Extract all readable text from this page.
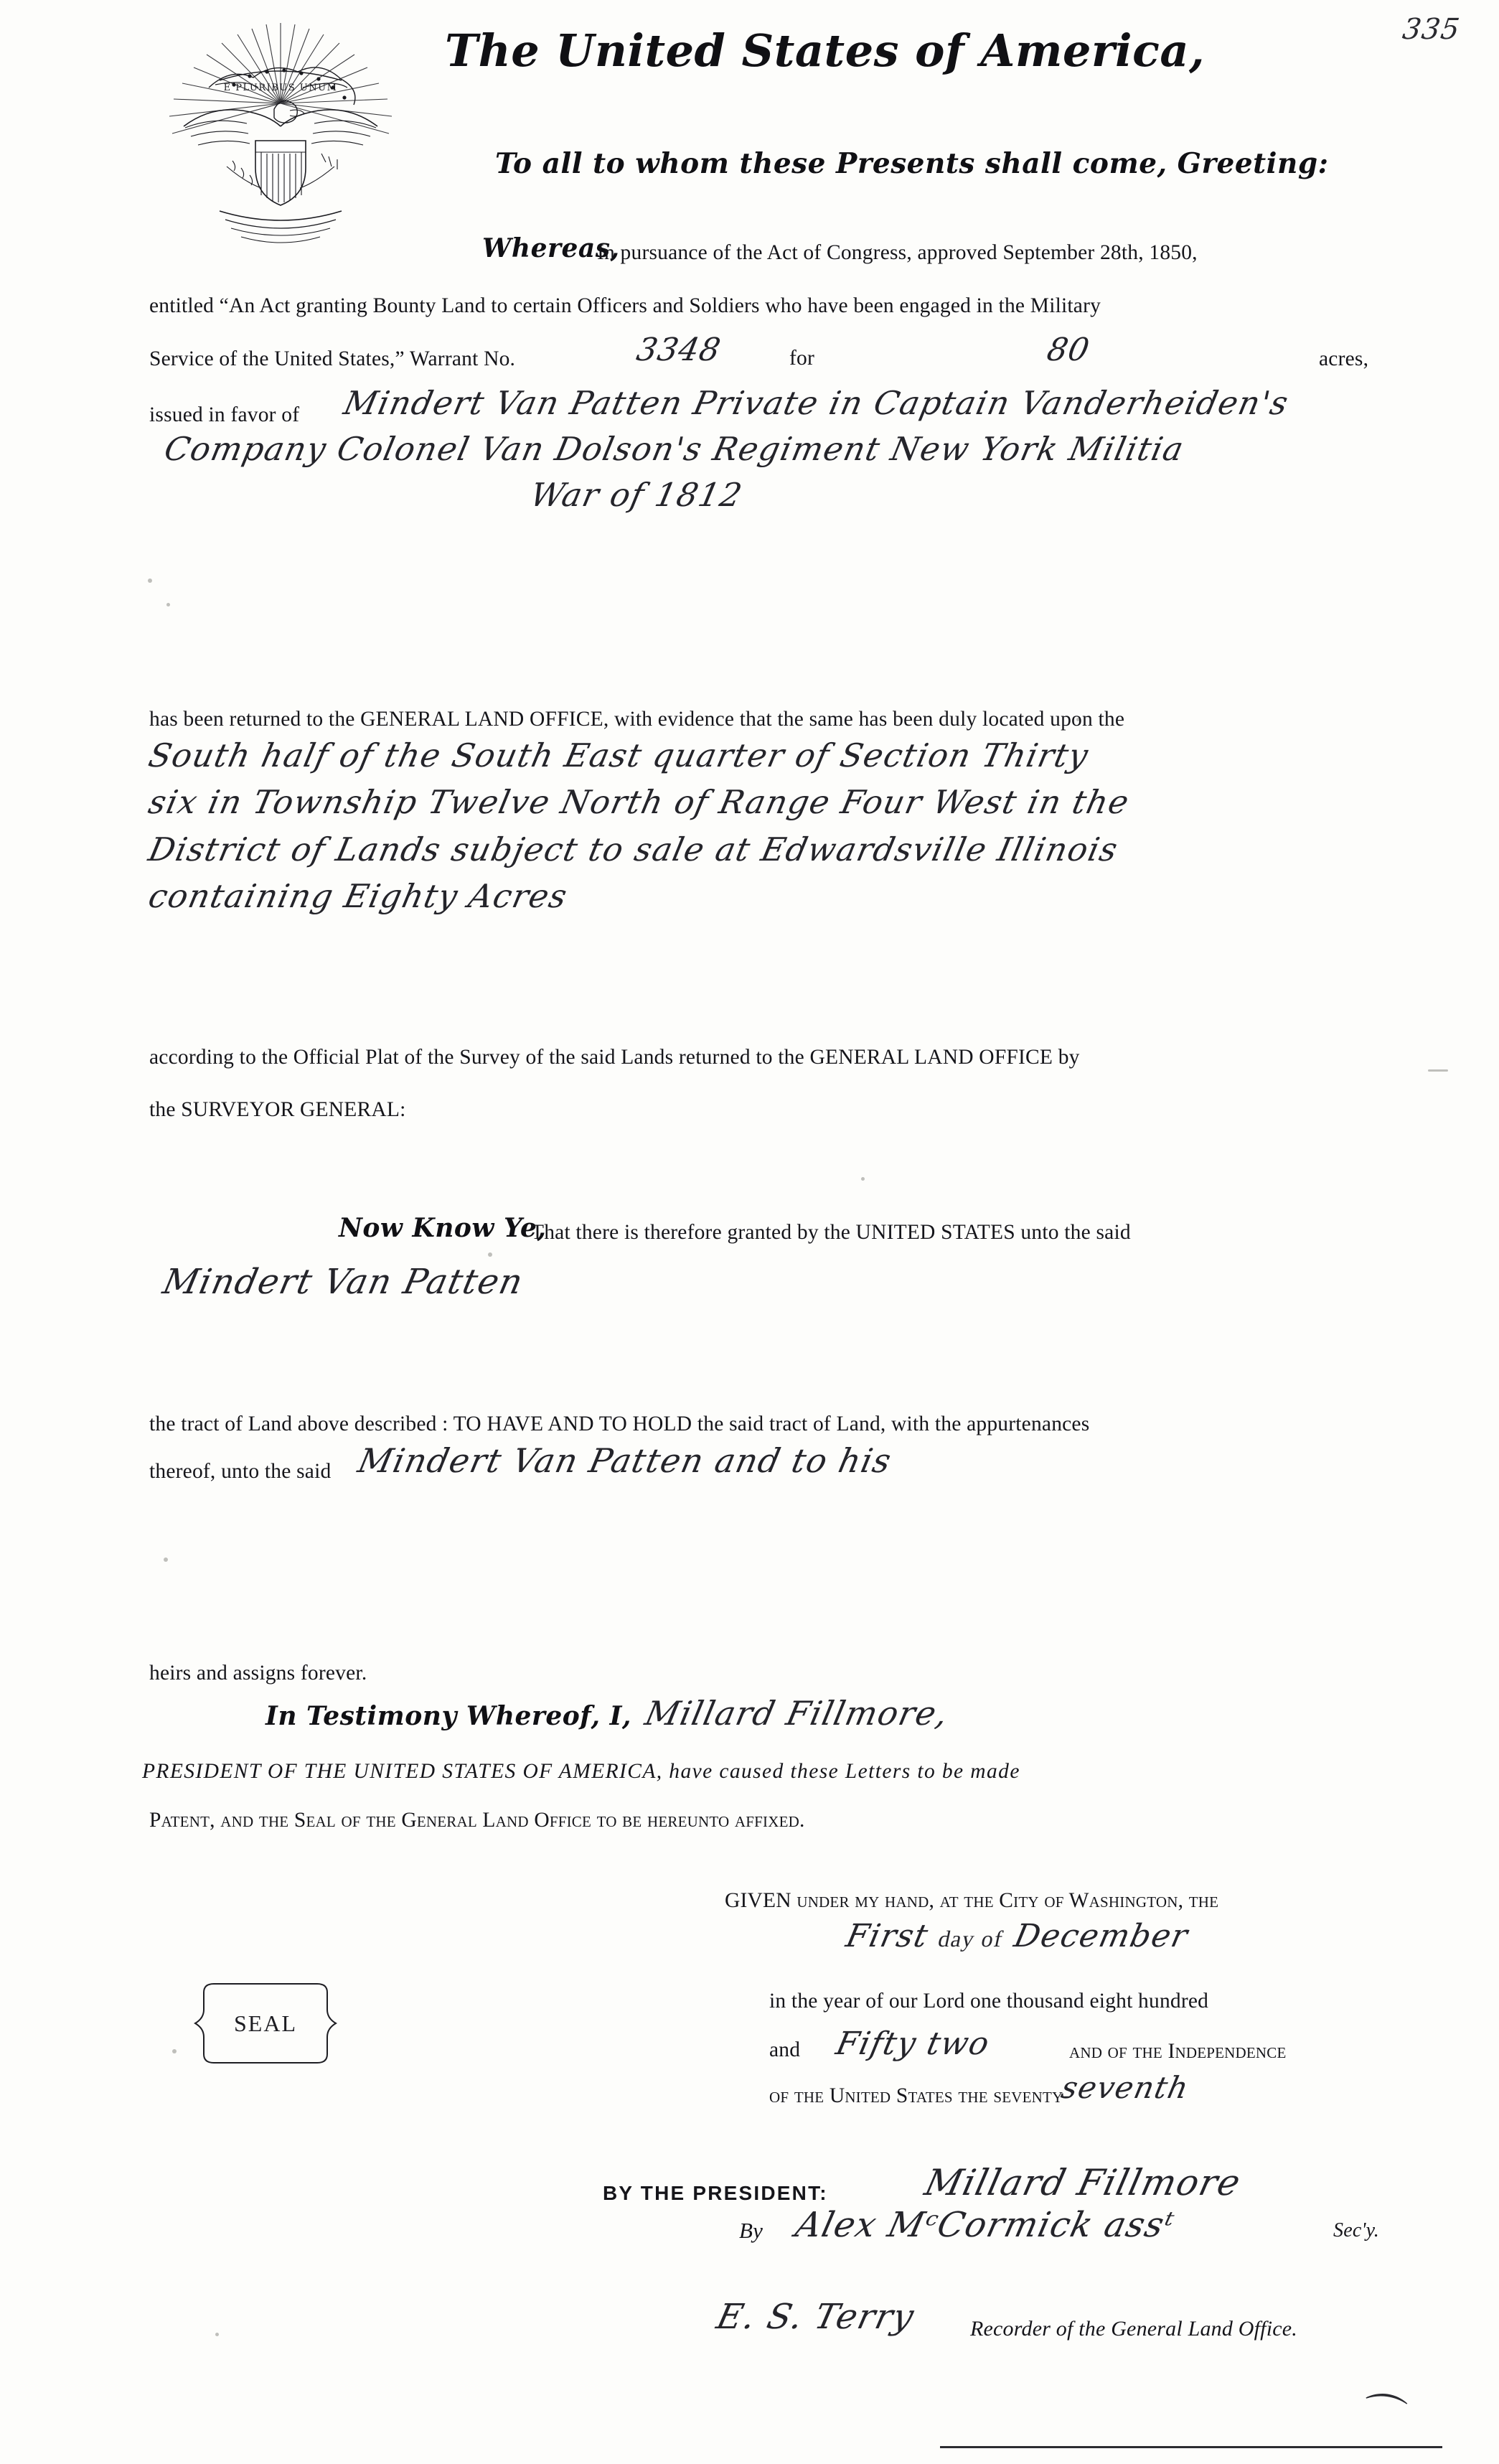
335
E PLURIBUS UNUM
The United States of America,
To all to whom these Presents shall come, Greeting:
Whereas,
In pursuance of the Act of Congress, approved September 28th, 1850,
entitled “An Act granting Bounty Land to certain Officers and Soldiers who have been engaged in the Military
Service of the United States,” Warrant No.	3348	for	80	acres,
issued in favor of Mindert Van Patten Private in Captain Vanderheiden's
Company Colonel Van Dolson's Regiment New York Militia
War of 1812
has been returned to the GENERAL LAND OFFICE, with evidence that the same has been duly located upon the
South half of the South East quarter of Section Thirty
six in Township Twelve North of Range Four West in the
District of Lands subject to sale at Edwardsville Illinois
containing Eighty Acres
according to the Official Plat of the Survey of the said Lands returned to the GENERAL LAND OFFICE by
the SURVEYOR GENERAL:
Now Know Ye,
That there is therefore granted by the UNITED STATES unto the said
Mindert Van Patten
the tract of Land above described : TO HAVE AND TO HOLD the said tract of Land, with the appurtenances
thereof, unto the said Mindert Van Patten and to his
heirs and assigns forever.
In Testimony Whereof, I, Millard Fillmore,
PRESIDENT OF THE UNITED STATES OF AMERICA, have caused these Letters to be made
Patent, and the Seal of the General Land Office to be hereunto affixed.
GIVEN under my hand, at the City of Washington, the
First day of December
in the year of our Lord one thousand eight hundred
and Fifty two	and of the Independence
of the United States the seventy-
seventh
SEAL
BY THE PRESIDENT:	Millard Fillmore
By Alex MᶜCormick assᵗ	Sec'y.
E. S. Terry Recorder of the General Land Office.
⌒
